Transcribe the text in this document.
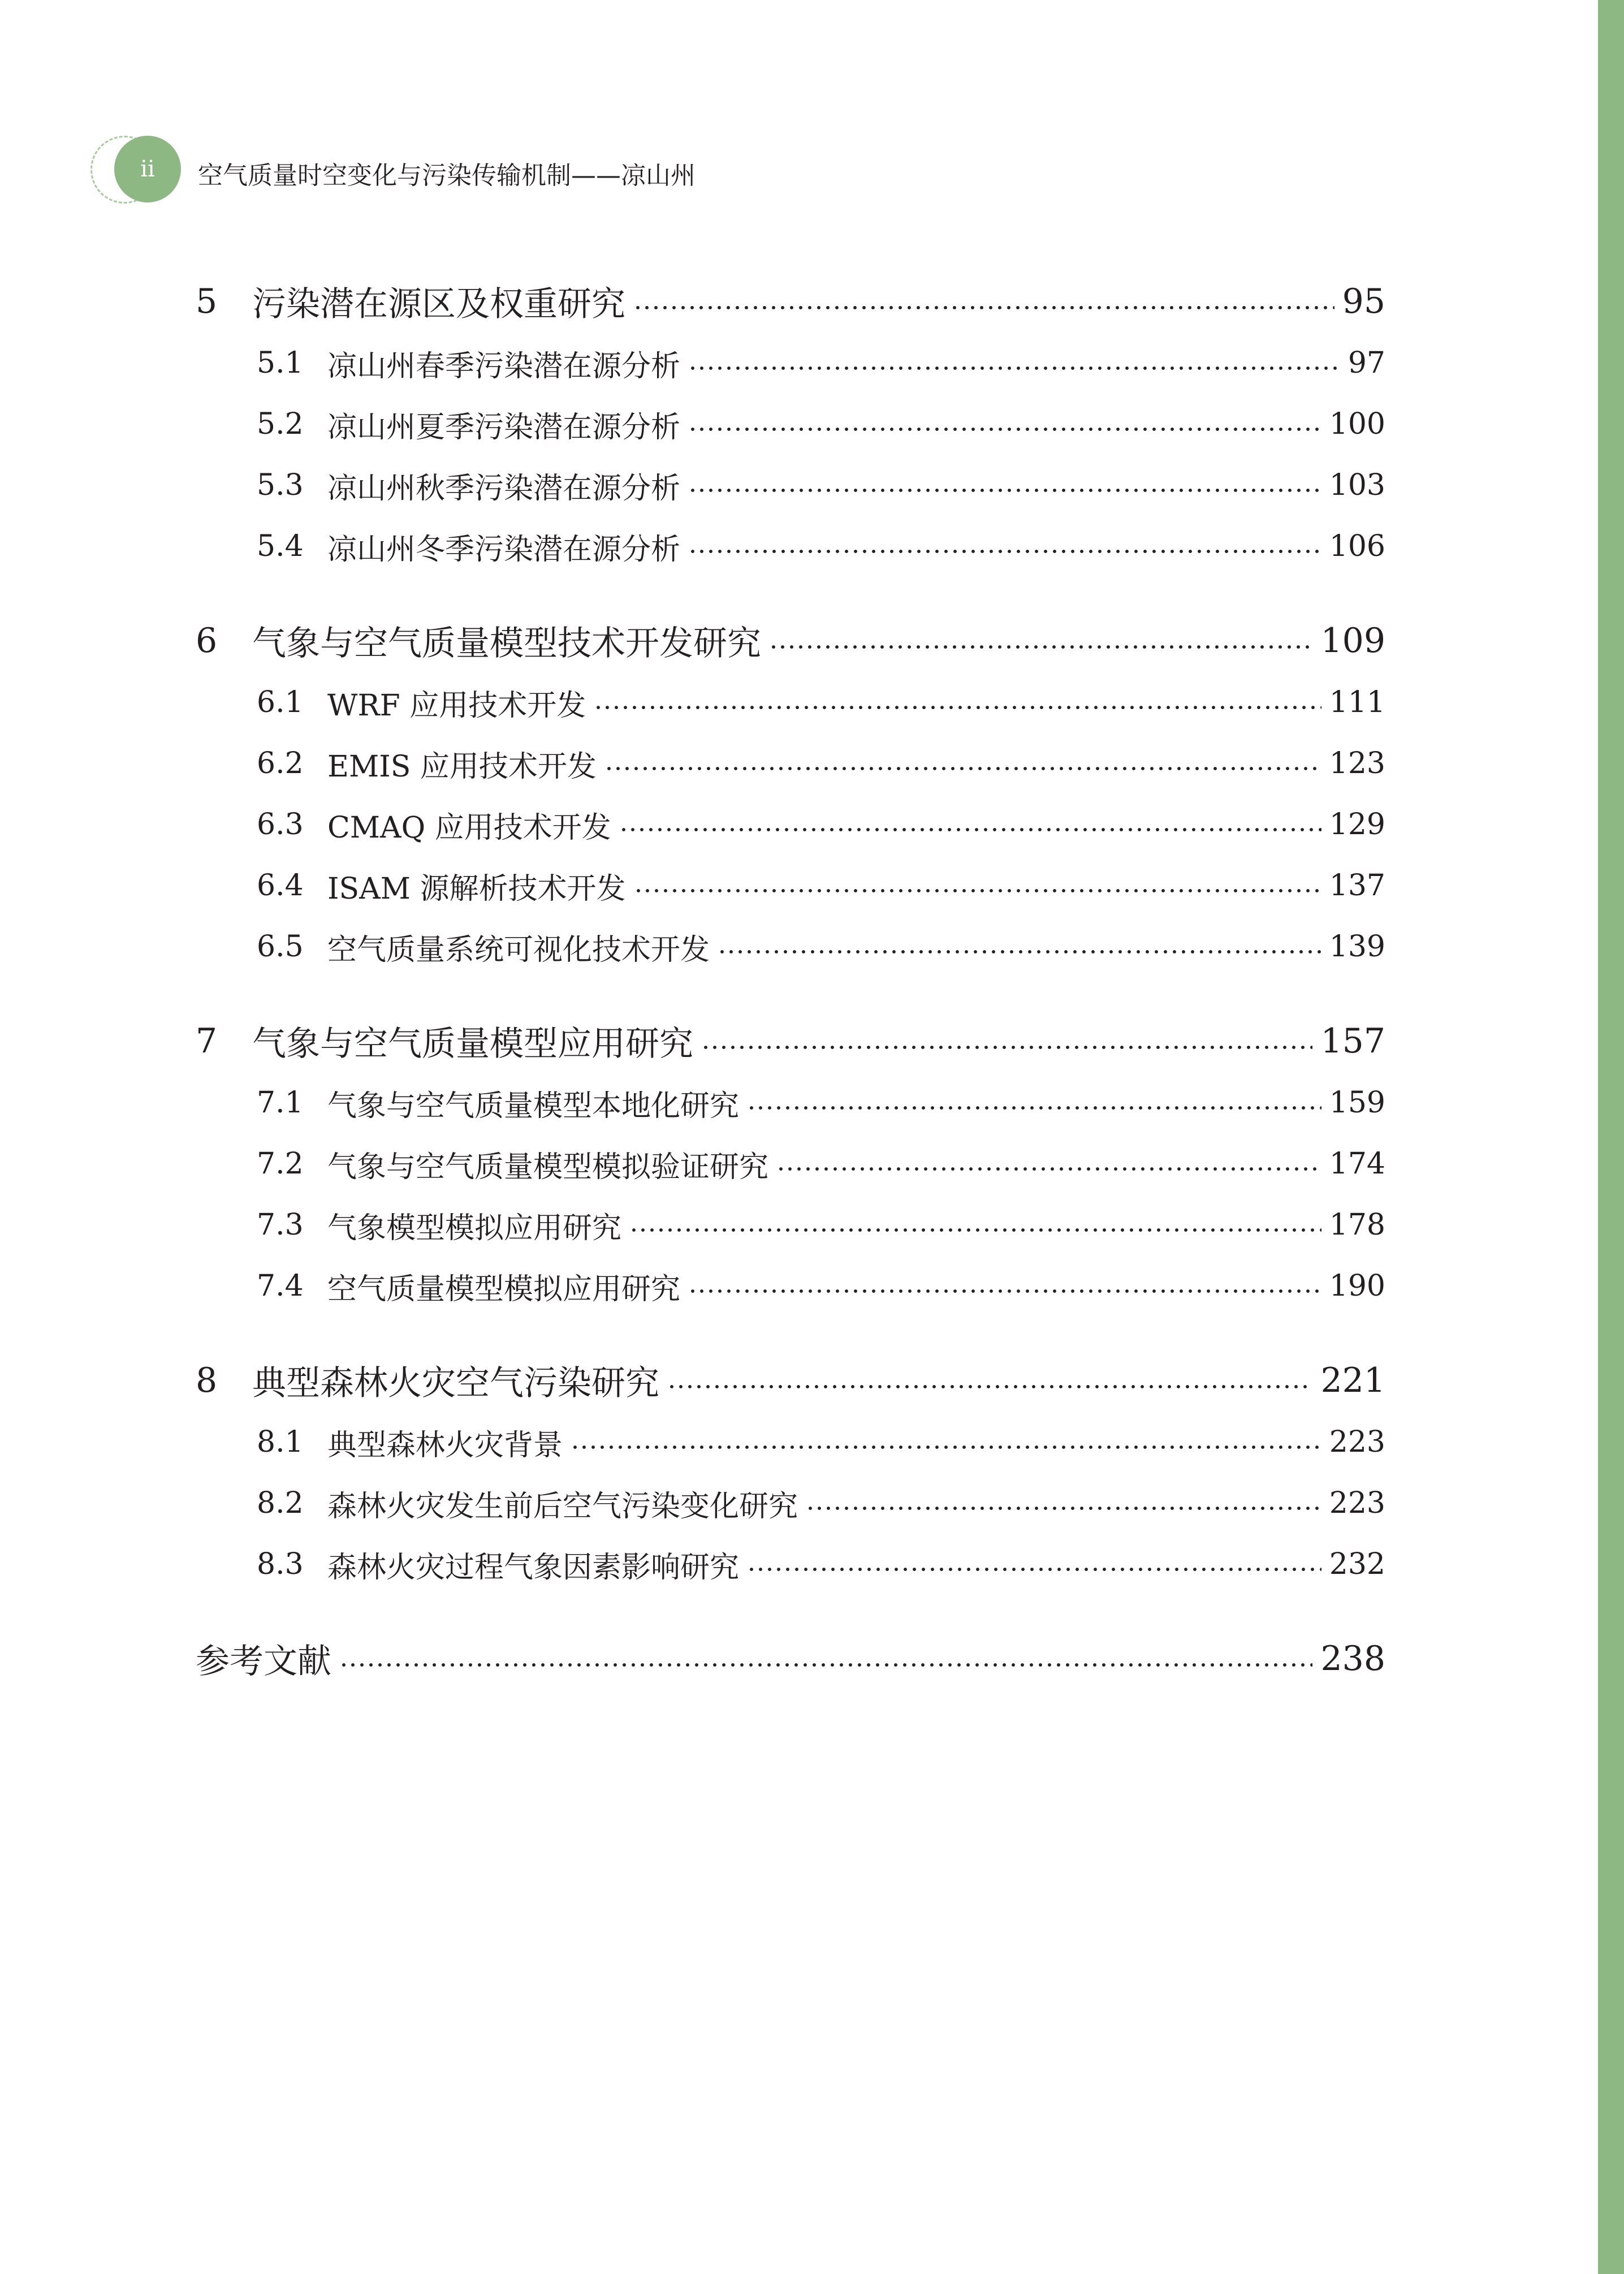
ii	空气质量时空变化与污染传输机制——凉山州
5	污染潜在源区及权重研究	95
5.1 凉山州春季污染潜在源分析	97
5.2 凉山州夏季污染潜在源分析	100
5.3 凉山州秋季污染潜在源分析	103
5.4 凉山州冬季污染潜在源分析	106
6	气象与空气质量模型技术开发研究	109
6.1 WRF 应用技术开发	111
6.2 EMIS 应用技术开发	123
6.3 CMAQ 应用技术开发	129
6.4 ISAM 源解析技术开发	137
6.5 空气质量系统可视化技术开发	139
7	气象与空气质量模型应用研究	157
7.1 气象与空气质量模型本地化研究	159
7.2 气象与空气质量模型模拟验证研究	174
7.3 气象模型模拟应用研究	178
7.4 空气质量模型模拟应用研究	190
8	典型森林火灾空气污染研究	221
8.1 典型森林火灾背景	223
8.2 森林火灾发生前后空气污染变化研究	223
8.3 森林火灾过程气象因素影响研究	232
参考文献	238
